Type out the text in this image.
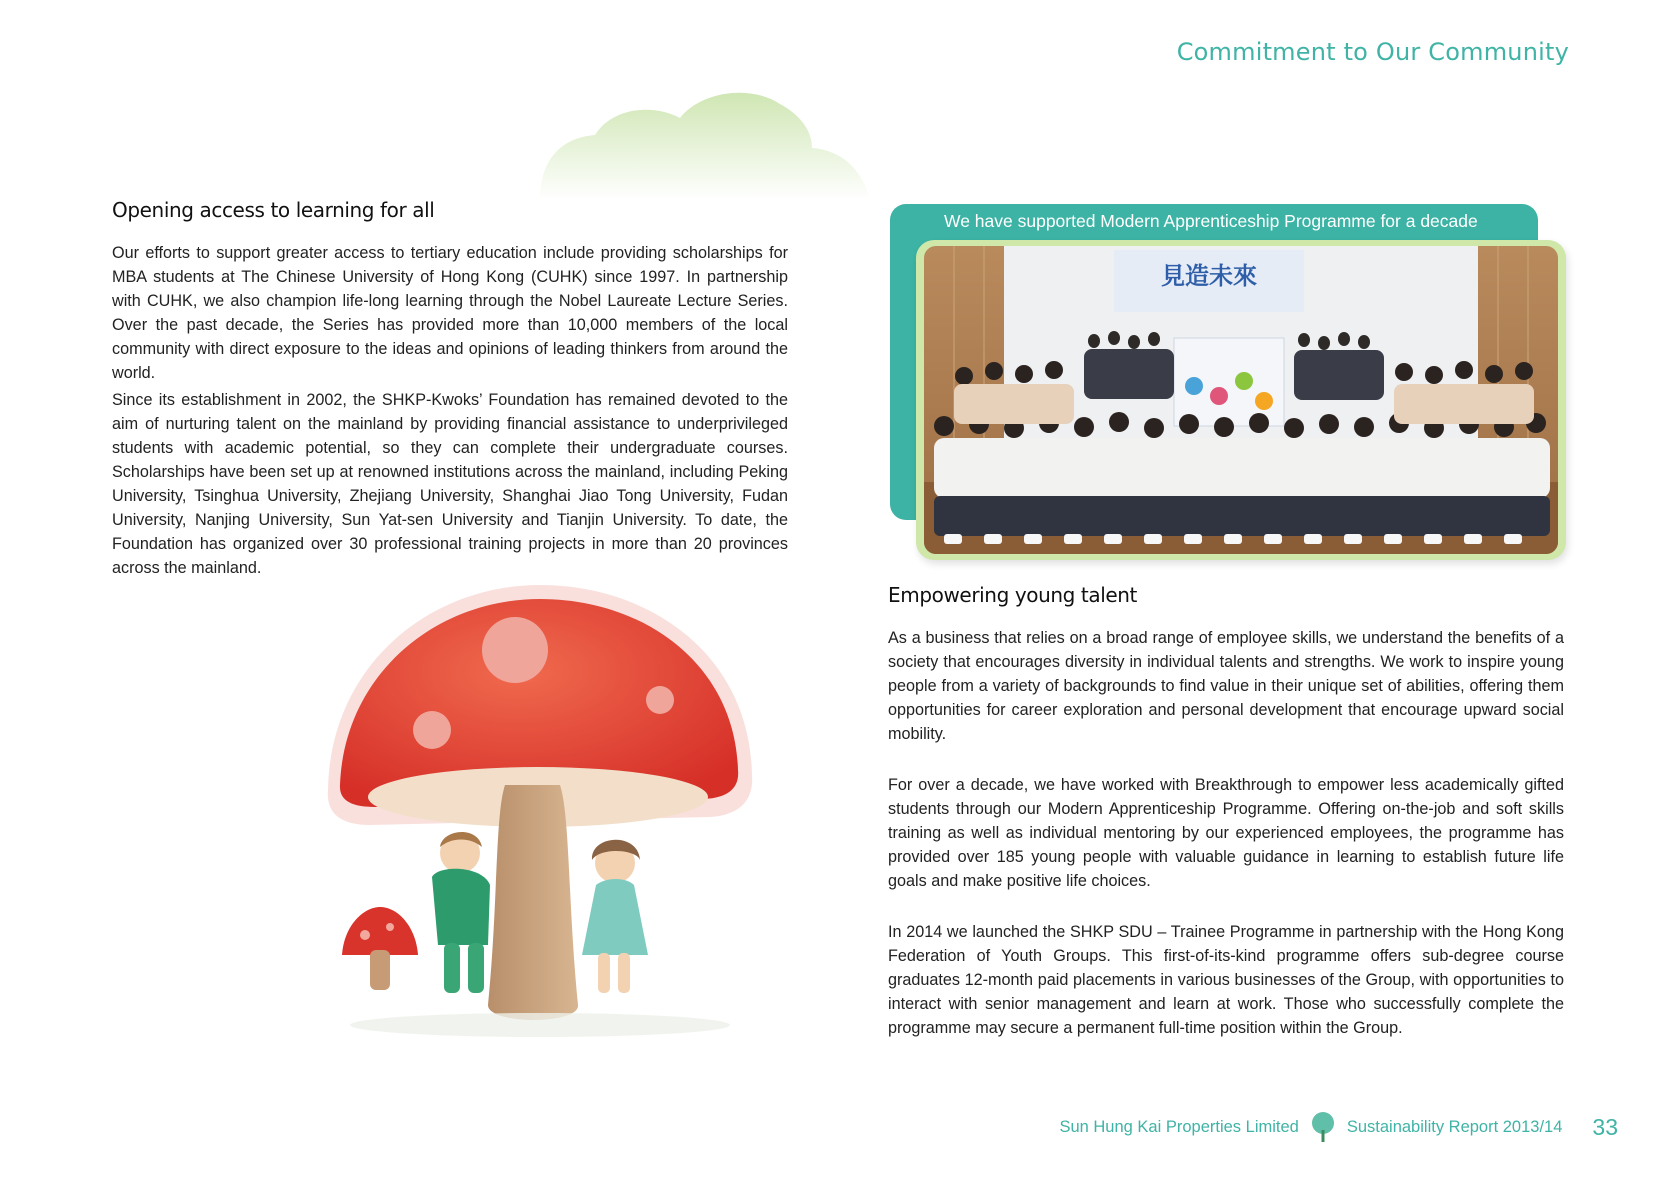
Commitment to Our Community
Opening access to learning for all

Our efforts to support greater access to tertiary education include providing scholarships for MBA students at The Chinese University of Hong Kong (CUHK) since 1997. In partnership with CUHK, we also champion life-long learning through the Nobel Laureate Lecture Series. Over the past decade, the Series has provided more than 10,000 members of the local community with direct exposure to the ideas and opinions of leading thinkers from around the world.

Since its establishment in 2002, the SHKP-Kwoks’ Foundation has remained devoted to the aim of nurturing talent on the mainland by providing financial assistance to underprivileged students with academic potential, so they can complete their undergraduate courses. Scholarships have been set up at renowned institutions across the mainland, including Peking University, Tsinghua University, Zhejiang University, Shanghai Jiao Tong University, Fudan University, Nanjing University, Sun Yat-sen University and Tianjin University. To date, the Foundation has organized over 30 professional training projects in more than 20 provinces across the mainland.

We have supported Modern Apprenticeship Programme for a decade
見造未來
Empowering young talent

As a business that relies on a broad range of employee skills, we understand the benefits of a society that encourages diversity in individual talents and strengths. We work to inspire young people from a variety of backgrounds to find value in their unique set of abilities, offering them opportunities for career exploration and personal development that encourage upward social mobility.

For over a decade, we have worked with Breakthrough to empower less academically gifted students through our Modern Apprenticeship Programme. Offering on-the-job and soft skills training as well as individual mentoring by our experienced employees, the programme has provided over 185 young people with valuable guidance in learning to establish future life goals and make positive life choices.

In 2014 we launched the SHKP SDU – Trainee Programme in partnership with the Hong Kong Federation of Youth Groups. This first-of-its-kind programme offers sub-degree course graduates 12-month paid placements in various businesses of the Group, with opportunities to interact with senior management and learn at work. Those who successfully complete the programme may secure a permanent full-time position within the Group.

Sun Hung Kai Properties Limited	Sustainability Report 2013/14 33
